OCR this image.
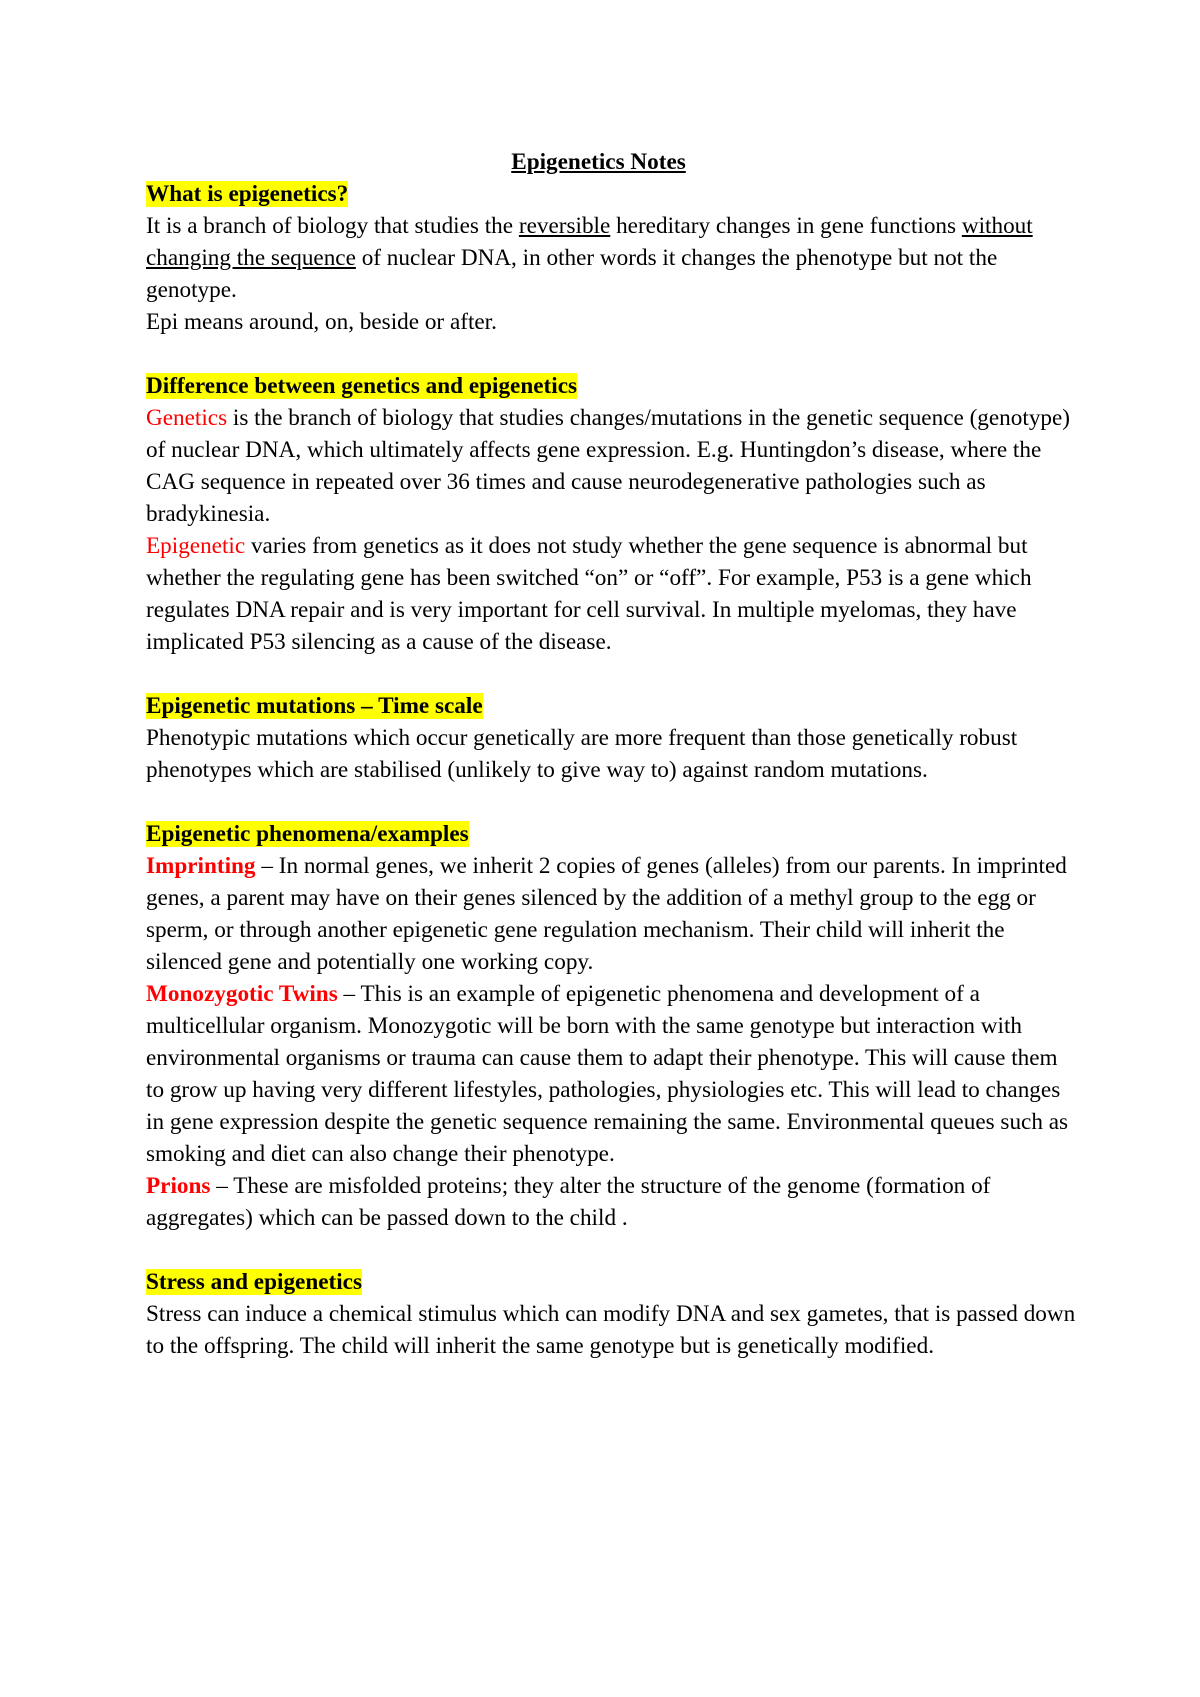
Epigenetics Notes

What is epigenetics?

It is a branch of biology that studies the reversible hereditary changes in gene functions without changing the sequence of nuclear DNA, in other words it changes the phenotype but not the genotype.

Epi means around, on, beside or after.

Difference between genetics and epigenetics

Genetics is the branch of biology that studies changes/mutations in the genetic sequence (genotype) of nuclear DNA, which ultimately affects gene expression. E.g. Huntingdon’s disease, where the CAG sequence in repeated over 36 times and cause neurodegenerative pathologies such as bradykinesia.

Epigenetic varies from genetics as it does not study whether the gene sequence is abnormal but whether the regulating gene has been switched “on” or “off”. For example, P53 is a gene which regulates DNA repair and is very important for cell survival. In multiple myelomas, they have implicated P53 silencing as a cause of the disease.

Epigenetic mutations – Time scale

Phenotypic mutations which occur genetically are more frequent than those genetically robust phenotypes which are stabilised (unlikely to give way to) against random mutations.

Epigenetic phenomena/examples

Imprinting – In normal genes, we inherit 2 copies of genes (alleles) from our parents. In imprinted genes, a parent may have on their genes silenced by the addition of a methyl group to the egg or sperm, or through another epigenetic gene regulation mechanism. Their child will inherit the silenced gene and potentially one working copy.

Monozygotic Twins – This is an example of epigenetic phenomena and development of a multicellular organism. Monozygotic will be born with the same genotype but interaction with environmental organisms or trauma can cause them to adapt their phenotype. This will cause them to grow up having very different lifestyles, pathologies, physiologies etc. This will lead to changes in gene expression despite the genetic sequence remaining the same. Environmental queues such as smoking and diet can also change their phenotype.

Prions – These are misfolded proteins; they alter the structure of the genome (formation of aggregates) which can be passed down to the child .

Stress and epigenetics

Stress can induce a chemical stimulus which can modify DNA and sex gametes, that is passed down to the offspring. The child will inherit the same genotype but is genetically modified.
